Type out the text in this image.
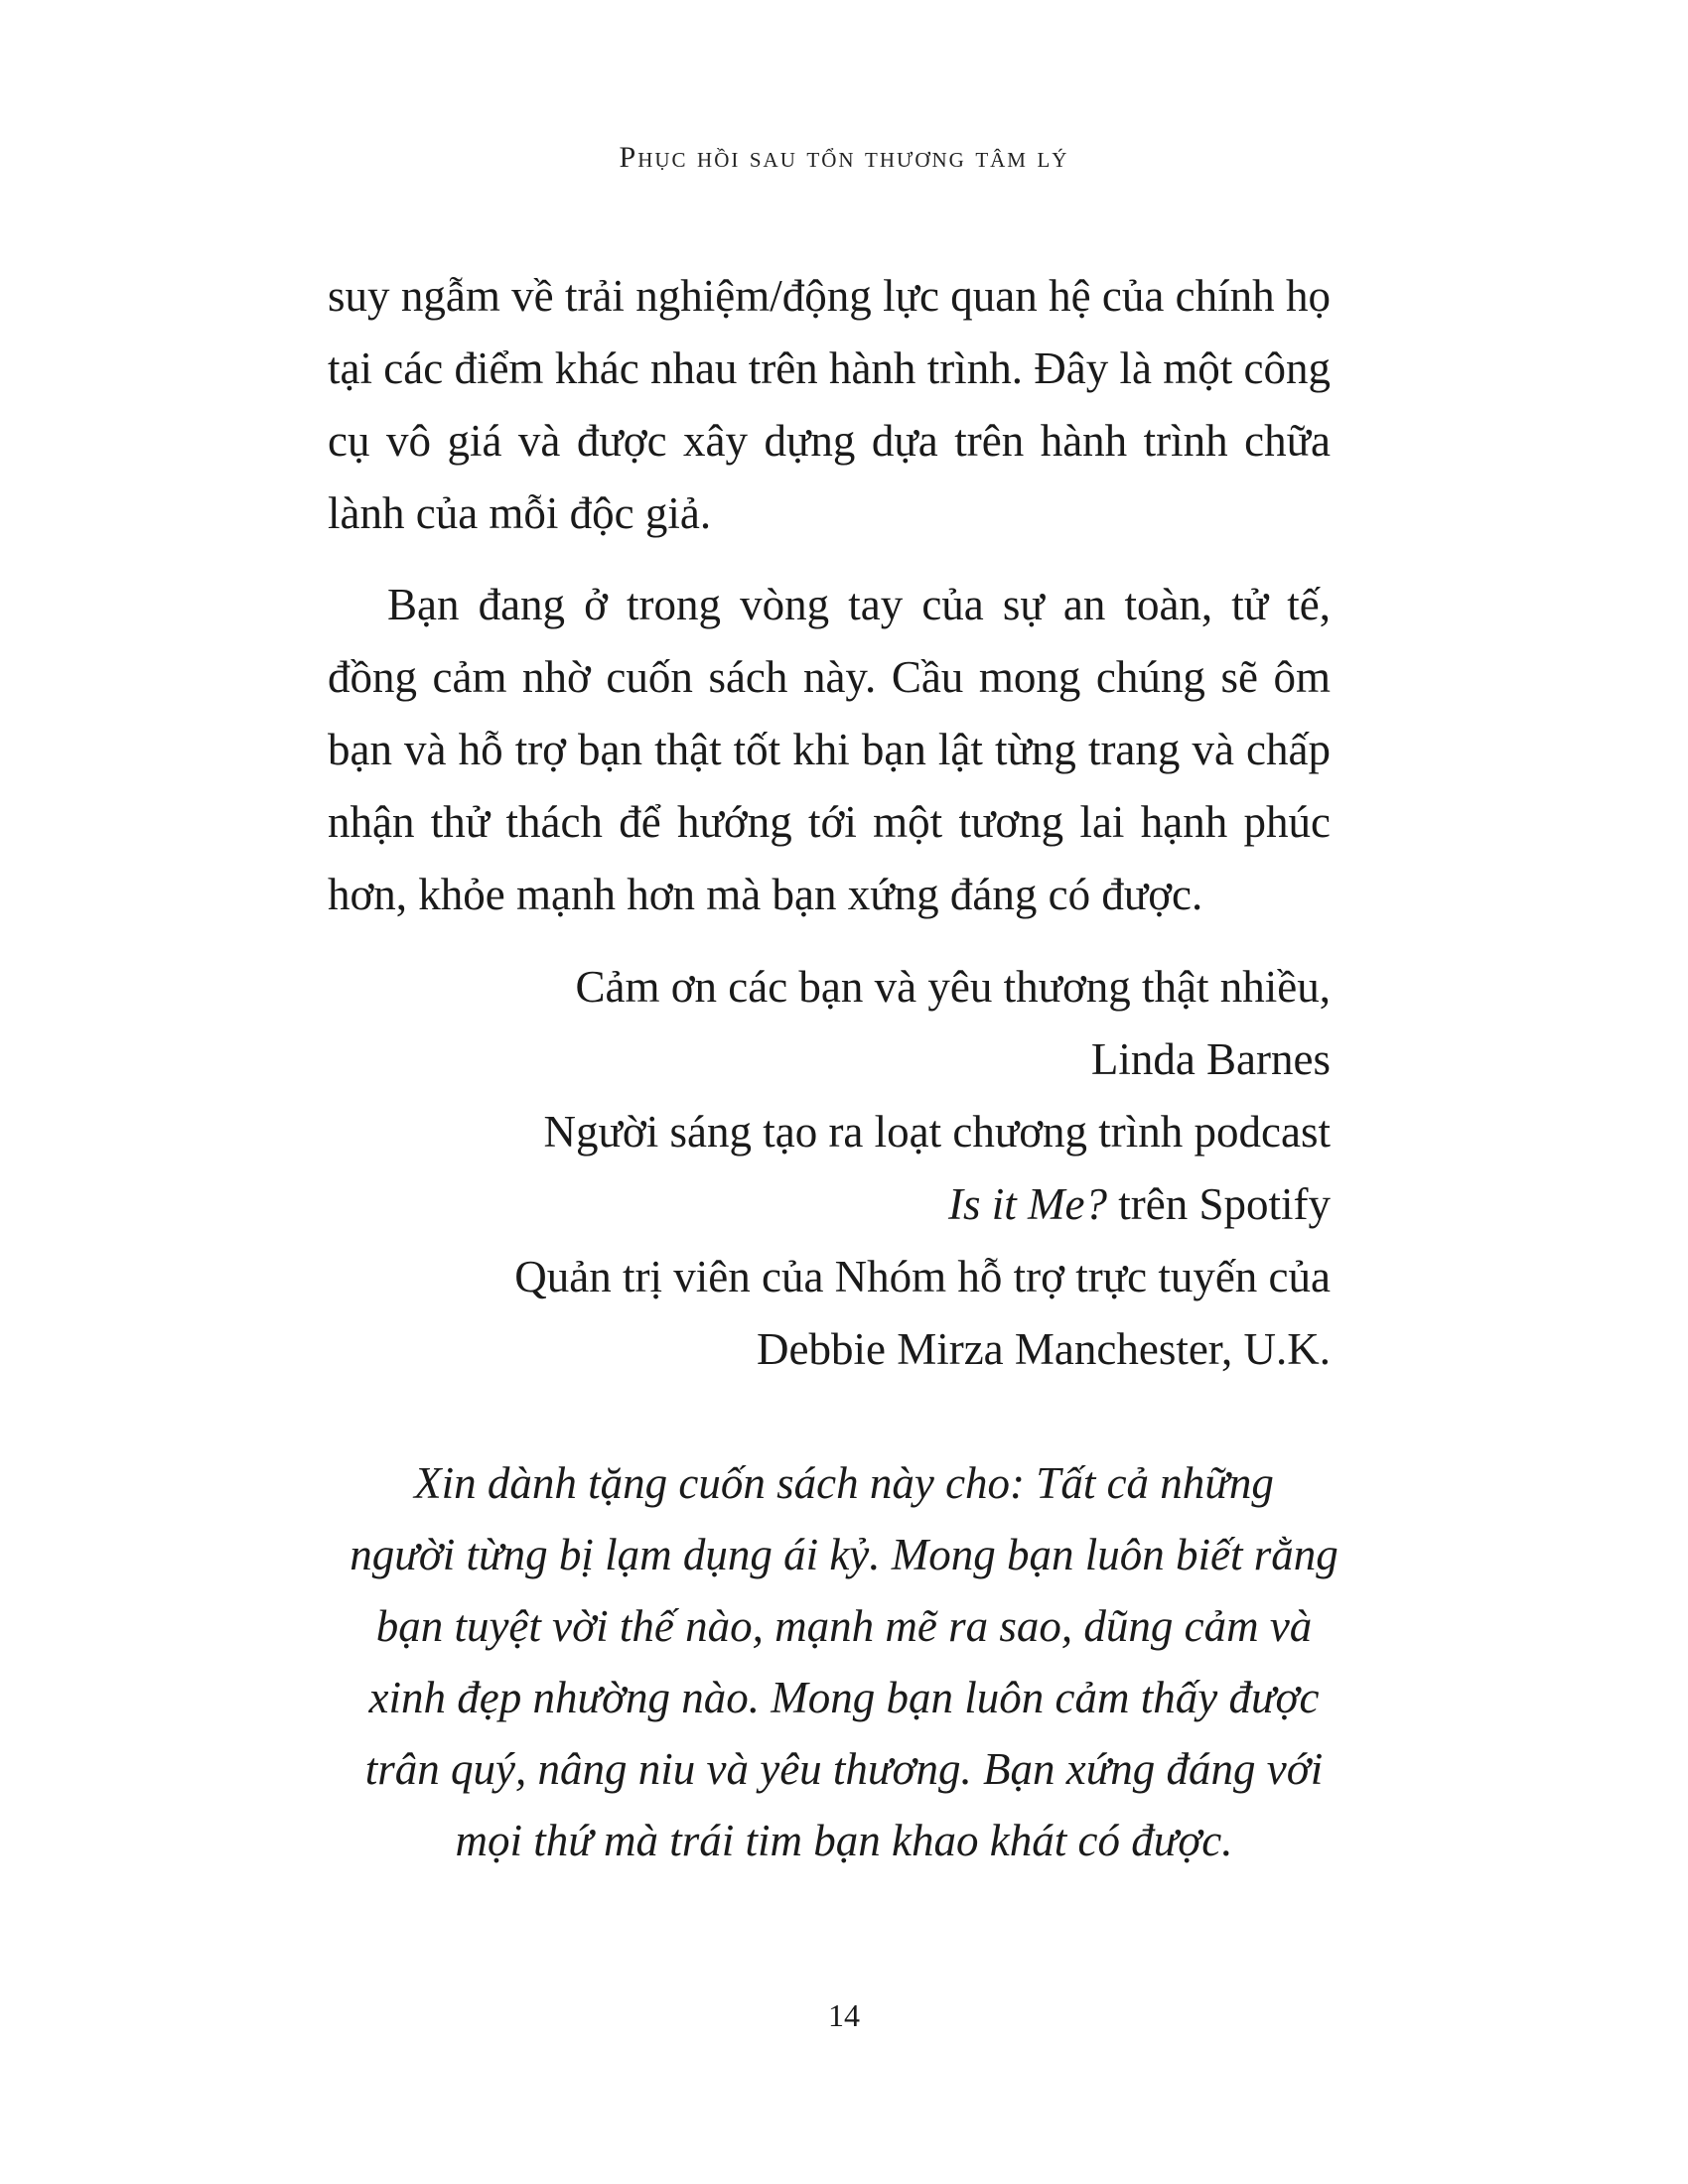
Phục hồi sau tổn thương tâm lý

suy ngẫm về trải nghiệm/động lực quan hệ của chính họ tại các điểm khác nhau trên hành trình. Đây là một công cụ vô giá và được xây dựng dựa trên hành trình chữa lành của mỗi độc giả.

Bạn đang ở trong vòng tay của sự an toàn, tử tế, đồng cảm nhờ cuốn sách này. Cầu mong chúng sẽ ôm bạn và hỗ trợ bạn thật tốt khi bạn lật từng trang và chấp nhận thử thách để hướng tới một tương lai hạnh phúc hơn, khỏe mạnh hơn mà bạn xứng đáng có được.

Cảm ơn các bạn và yêu thương thật nhiều,
Linda Barnes
Người sáng tạo ra loạt chương trình podcast
Is it Me? trên Spotify
Quản trị viên của Nhóm hỗ trợ trực tuyến của
Debbie Mirza Manchester, U.K.
Xin dành tặng cuốn sách này cho: Tất cả những
người từng bị lạm dụng ái kỷ. Mong bạn luôn biết rằng
bạn tuyệt vời thế nào, mạnh mẽ ra sao, dũng cảm và
xinh đẹp nhường nào. Mong bạn luôn cảm thấy được
trân quý, nâng niu và yêu thương. Bạn xứng đáng với
mọi thứ mà trái tim bạn khao khát có được.
14
